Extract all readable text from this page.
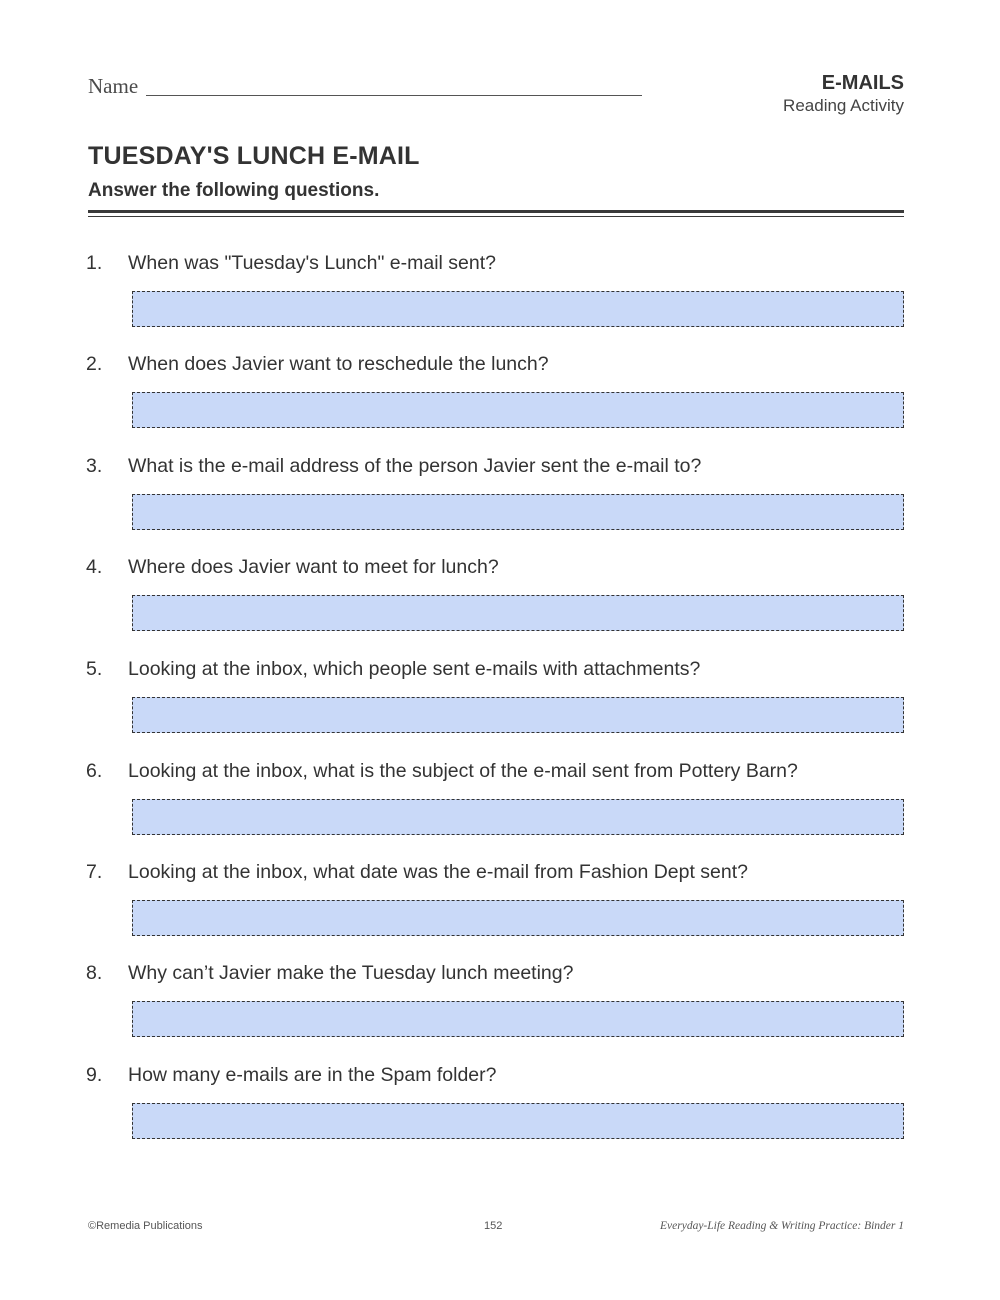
Name	E-MAILS
Reading Activity
TUESDAY'S LUNCH E-MAIL
Answer the following questions.
1.	When was "Tuesday's Lunch" e-mail sent?
2.	When does Javier want to reschedule the lunch?
3.	What is the e-mail address of the person Javier sent the e-mail to?
4.	Where does Javier want to meet for lunch?
5.	Looking at the inbox, which people sent e-mails with attachments?
6.	Looking at the inbox, what is the subject of the e-mail sent from Pottery Barn?
7.	Looking at the inbox, what date was the e-mail from Fashion Dept sent?
8.	Why can’t Javier make the Tuesday lunch meeting?
9.	How many e-mails are in the Spam folder?
©Remedia Publications	152	Everyday-Life Reading & Writing Practice: Binder 1
